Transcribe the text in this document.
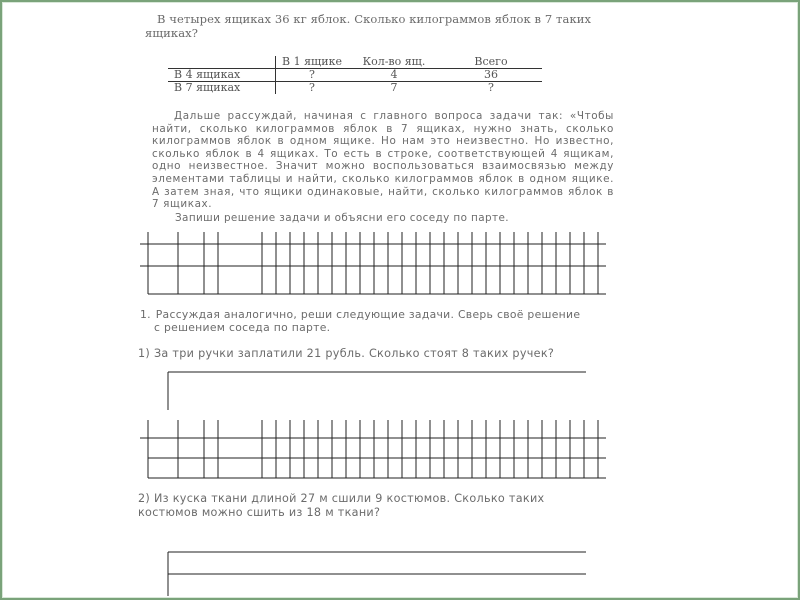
В четырех ящиках 36 кг яблок. Сколько килограммов яблок в 7 таких ящиках?
	В 1 ящике	Кол-во ящ.	Всего
В 4 ящиках	?	4	36
В 7 ящиках	?	7	?
Дальше рассуждай, начиная с главного вопроса задачи так: «Чтобы найти, сколько килограммов яблок в 7 ящиках, нужно знать, сколько килограммов яблок в одном ящике. Но нам это неизвестно. Но известно, сколько яблок в 4 ящиках. То есть в строке, соответствующей 4 ящикам, одно неизвестное. Значит можно воспользоваться взаимосвязью между элементами таблицы и найти, сколько килограммов яблок в одном ящике. А затем зная, что ящики одинаковые, найти, сколько килограммов яблок в 7 ящиках.
Запиши решение задачи и объясни его соседу по парте.
1. Рассуждая аналогично, реши следующие задачи. Сверь своё решение
с решением соседа по парте.
1) За три ручки заплатили 21 рубль. Сколько стоят 8 таких ручек?
2) Из куска ткани длиной 27 м сшили 9 костюмов. Сколько таких
костюмов можно сшить из 18 м ткани?
